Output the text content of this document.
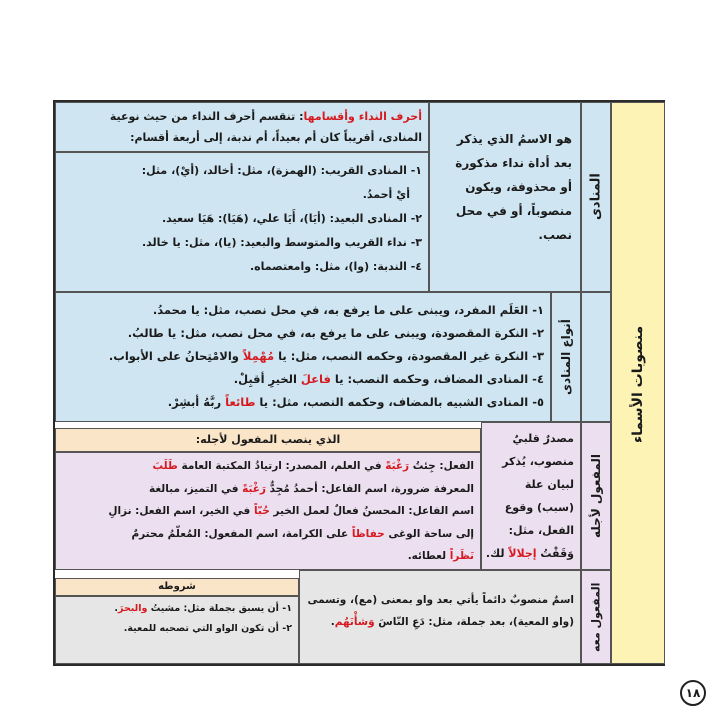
منصوبات الأسماء
المنادى
هو الاسمُ الذي يذكر
بعد أداة نداء مذكورة
أو محذوفة، ويكون
منصوباً، أو في محل
نصب.
أحرف النداء وأقسامها: تنقسم أحرف النداء من حيث نوعية
المنادى، أقريباً كان أم بعيداً، أم ندبة، إلى أربعة أقسام:
١- المنادى القريب: (الهمزة)، مثل: أخالد، (أيْ)، مثل:
أيْ أحمدُ.
٢- المنادى البعيد: (أيَا)، أَيَا علي، (هَيَا): هَيَا سعيد.
٣- نداء القريب والمتوسط والبعيد: (يا)، مثل: يا خالد.
٤- الندبة: (وا)، مثل: وامعتصماه.
أنواع المنادى
١- العَلَم المفرد، ويبنى على ما يرفع به، في محل نصب، مثل: يا محمدُ.
٢- النكرة المقصودة، ويبنى على ما يرفع به، في محل نصب، مثل: يا طالبُ.
٣- النكرة غير المقصودة، وحكمه النصب، مثل: يا مُهْمِلاً والامْتِحانُ على الأبواب.
٤- المنادى المضاف، وحكمه النصب: يا فاعلَ الخيرِ أقبِلْ.
٥- المنادى الشبيه بالمضاف، وحكمه النصب، مثل: يا طائعاً ربَّهُ أبشِرْ.
المفعول لأجله
مصدرٌ قلبيٌ
منصوب، يُذكر
لبيان علة
(سبب) وقوع
الفعل، مثل:
وَقَفْتُ إجلالاً لك.
الذي ينصب المفعول لأجله:
الفعل: جِئتُ رَغْبَةً في العلم، المصدر: ارتيادُ المكتبة العامة طَلَبَ
المعرفة ضرورة، اسم الفاعل: أحمدُ مُجِدٌّ رَغْبَةً في التميز، مبالغة
اسم الفاعل: المحسنُ فعالٌ لعمل الخير حُبّاً في الخير، اسم الفعل: نزالِ
إلى ساحة الوغى حفاظاً على الكرامة، اسم المفعول: المُعلّمُ محترمٌ
نَظَراً لعطائه.
المفعول معه
اسمٌ منصوبٌ دائماً يأتي بعد واو بمعنى (مع)، وتسمى
(واو المعية)، بعد جملة، مثل: دَعِ النّاسَ وَشأْنَهُم.
شروطه
١- أن يسبق بجملة مثل: مشيتُ والبحرَ.
٢- أن تكون الواو التي تصحبه للمعية.
١٨
